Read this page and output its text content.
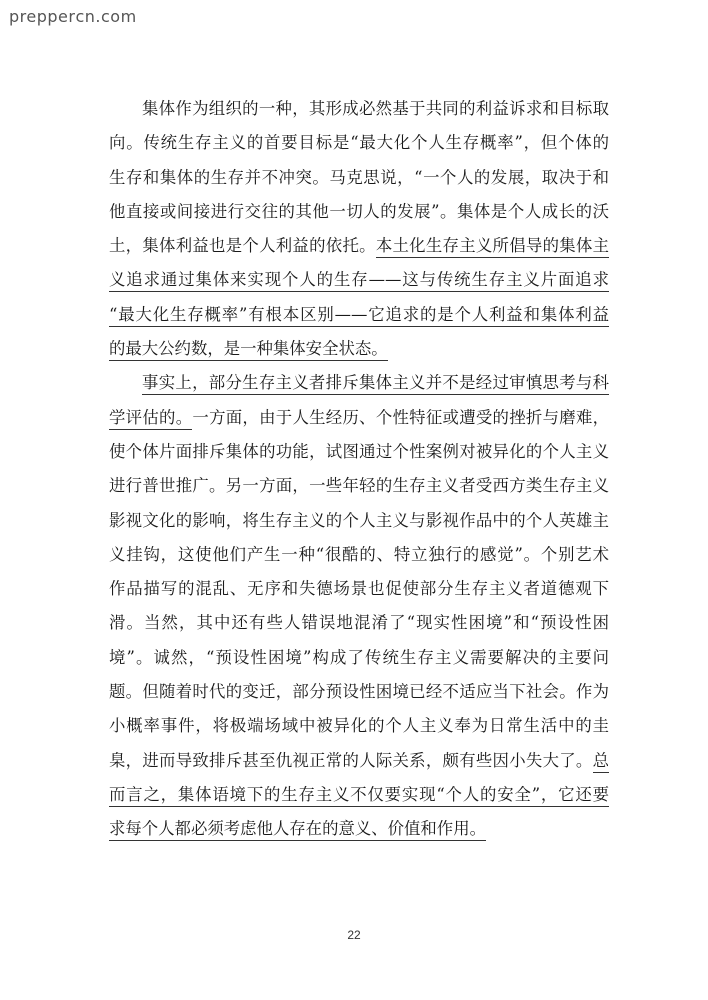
prepperсn.com
集体作为组织的一种，其形成必然基于共同的利益诉求和目标取
向。传统生存主义的首要目标是“最大化个人生存概率”，但个体的
生存和集体的生存并不冲突。马克思说，“一个人的发展，取决于和
他直接或间接进行交往的其他一切人的发展”。集体是个人成长的沃
土，集体利益也是个人利益的依托。本土化生存主义所倡导的集体主
义追求通过集体来实现个人的生存——这与传统生存主义片面追求
“最大化生存概率”有根本区别——它追求的是个人利益和集体利益
的最大公约数，是一种集体安全状态。
事实上，部分生存主义者排斥集体主义并不是经过审慎思考与科
学评估的。一方面，由于人生经历、个性特征或遭受的挫折与磨难，
使个体片面排斥集体的功能，试图通过个性案例对被异化的个人主义
进行普世推广。另一方面，一些年轻的生存主义者受西方类生存主义
影视文化的影响，将生存主义的个人主义与影视作品中的个人英雄主
义挂钩，这使他们产生一种“很酷的、特立独行的感觉”。个别艺术
作品描写的混乱、无序和失德场景也促使部分生存主义者道德观下
滑。当然，其中还有些人错误地混淆了“现实性困境”和“预设性困
境”。诚然，“预设性困境”构成了传统生存主义需要解决的主要问
题。但随着时代的变迁，部分预设性困境已经不适应当下社会。作为
小概率事件，将极端场域中被异化的个人主义奉为日常生活中的圭
臬，进而导致排斥甚至仇视正常的人际关系，颇有些因小失大了。总
而言之，集体语境下的生存主义不仅要实现“个人的安全”，它还要
求每个人都必须考虑他人存在的意义、价值和作用。
22
